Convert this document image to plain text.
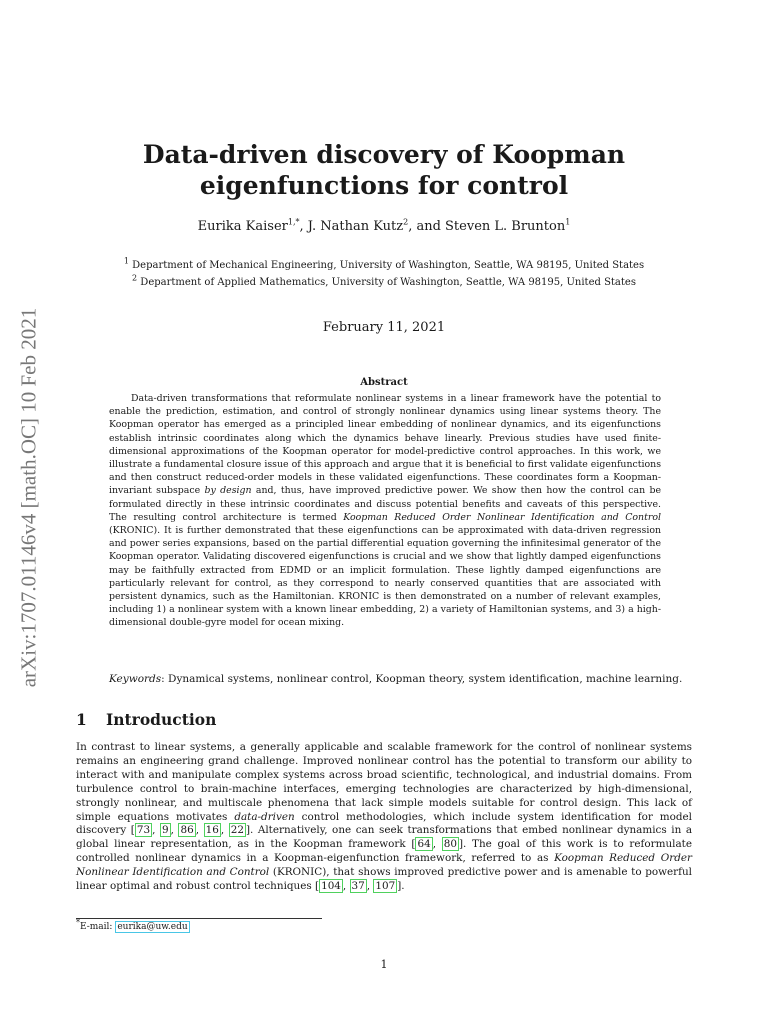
arXiv:1707.01146v4 [math.OC] 10 Feb 2021
Data-driven discovery of Koopman eigenfunctions for control
Eurika Kaiser$^{1,*}$, J. Nathan Kutz$^2$, and Steven L. Brunton$^1$
$^1$ Department of Mechanical Engineering, University of Washington, Seattle, WA 98195, United States
$^2$ Department of Applied Mathematics, University of Washington, Seattle, WA 98195, United States
February 11, 2021
Abstract

Data-driven transformations that reformulate nonlinear systems in a linear framework have the potential to enable the prediction, estimation, and control of strongly nonlinear dynamics using linear systems theory. The Koopman operator has emerged as a principled linear embedding of nonlinear dynamics, and its eigenfunctions establish intrinsic coordinates along which the dynamics behave linearly. Previous studies have used finite-dimensional approximations of the Koopman operator for model-predictive control approaches. In this work, we illustrate a fundamental closure issue of this approach and argue that it is beneficial to first validate eigenfunctions and then construct reduced-order models in these validated eigenfunctions. These coordinates form a Koopman-invariant subspace by design and, thus, have improved predictive power. We show then how the control can be formulated directly in these intrinsic coordinates and discuss potential benefits and caveats of this perspective. The resulting control architecture is termed Koopman Reduced Order Nonlinear Identification and Control (KRONIC). It is further demonstrated that these eigenfunctions can be approximated with data-driven regression and power series expansions, based on the partial differential equation governing the infinitesimal generator of the Koopman operator. Validating discovered eigenfunctions is crucial and we show that lightly damped eigenfunctions may be faithfully extracted from EDMD or an implicit formulation. These lightly damped eigenfunctions are particularly relevant for control, as they correspond to nearly conserved quantities that are associated with persistent dynamics, such as the Hamiltonian. KRONIC is then demonstrated on a number of relevant examples, including 1) a nonlinear system with a known linear embedding, 2) a variety of Hamiltonian systems, and 3) a high-dimensional double-gyre model for ocean mixing.

Keywords: Dynamical systems, nonlinear control, Koopman theory, system identification, machine learning.
1 Introduction

In contrast to linear systems, a generally applicable and scalable framework for the control of nonlinear systems remains an engineering grand challenge. Improved nonlinear control has the potential to transform our ability to interact with and manipulate complex systems across broad scientific, technological, and industrial domains. From turbulence control to brain-machine interfaces, emerging technologies are characterized by high-dimensional, strongly nonlinear, and multiscale phenomena that lack simple models suitable for control design. This lack of simple equations motivates data-driven control methodologies, which include system identification for model discovery [ 73 , 9 , 86 , 16 , 22 ]. Alternatively, one can seek transformations that embed nonlinear dynamics in a global linear representation, as in the Koopman framework [ 64 , 80 ]. The goal of this work is to reformulate controlled nonlinear dynamics in a Koopman-eigenfunction framework, referred to as Koopman Reduced Order Nonlinear Identification and Control (KRONIC), that shows improved predictive power and is amenable to powerful linear optimal and robust control techniques [ 104 , 37 , 107 ].

*E-mail: eurika@uw.edu
1
